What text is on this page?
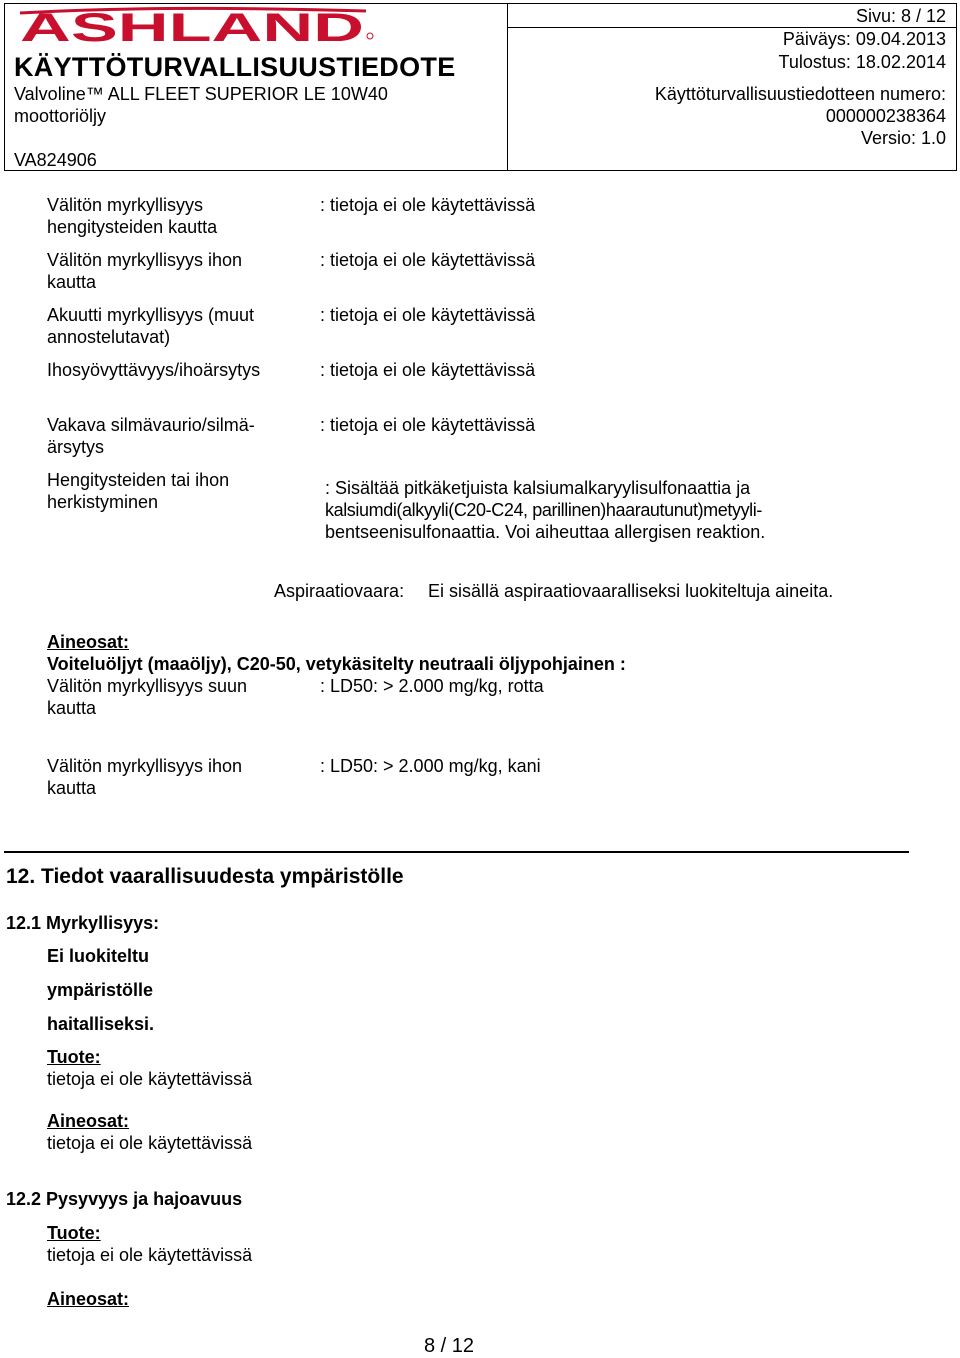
ASHLAND
KÄYTTÖTURVALLISUUSTIEDOTE
Valvoline™ ALL FLEET SUPERIOR LE 10W40
moottoriöljy
VA824906
Sivu: 8 / 12
Päiväys: 09.04.2013
Tulostus: 18.02.2014
Käyttöturvallisuustiedotteen numero:
000000238364
Versio: 1.0
Välitön myrkyllisyys hengitysteiden kautta
: tietoja ei ole käytettävissä
Välitön myrkyllisyys ihon kautta
: tietoja ei ole käytettävissä
Akuutti myrkyllisyys (muut annostelutavat)
: tietoja ei ole käytettävissä
Ihosyövyttävyys/ihoärsytys	: tietoja ei ole käytettävissä
Vakava silmävaurio/silmä-ärsytys
: tietoja ei ole käytettävissä
Hengitysteiden tai ihon herkistyminen
: Sisältää pitkäketjuista kalsiumalkaryylisulfonaattia ja
kalsiumdi(alkyyli(C20-C24, parillinen)haarautunut)metyyli-
bentseenisulfonaattia. Voi aiheuttaa allergisen reaktion.
Aspiraatiovaara: Ei sisällä aspiraatiovaaralliseksi luokiteltuja aineita.
Aineosat:
Voiteluöljyt (maaöljy), C20-50, vetykäsitelty neutraali öljypohjainen :
Välitön myrkyllisyys suun kautta
: LD50: > 2.000 mg/kg, rotta
Välitön myrkyllisyys ihon kautta
: LD50: > 2.000 mg/kg, kani
12. Tiedot vaarallisuudesta ympäristölle
12.1 Myrkyllisyys:
Ei luokiteltu
ympäristölle
haitalliseksi.
Tuote:
tietoja ei ole käytettävissä
Aineosat:
tietoja ei ole käytettävissä
12.2 Pysyvyys ja hajoavuus
Tuote:
tietoja ei ole käytettävissä
Aineosat:
8 / 12
